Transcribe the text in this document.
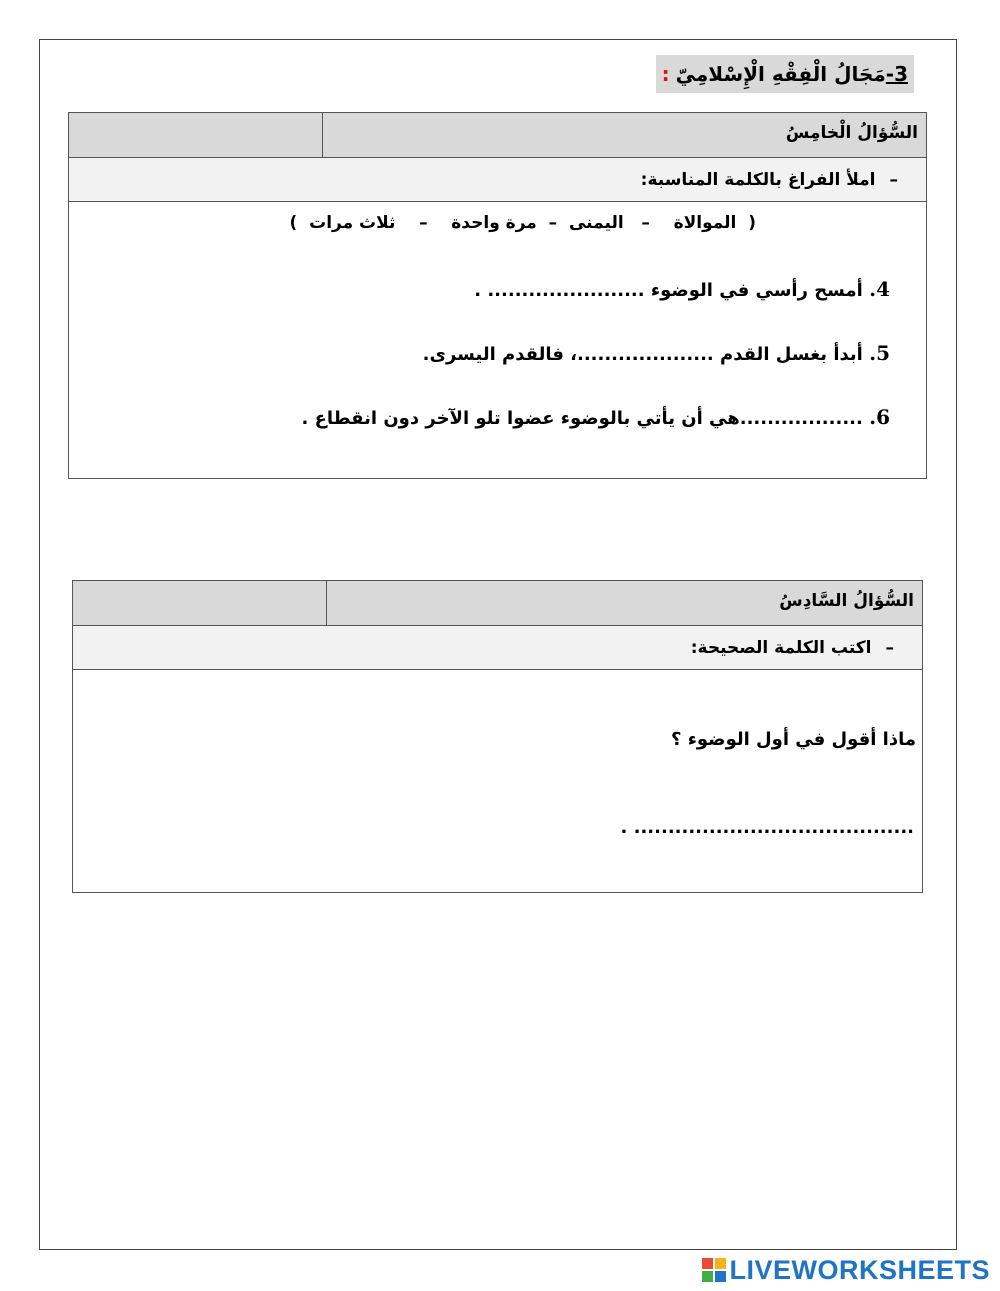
3-
مَجَالُ الْفِقْهِ الْإِسْلامِيّ
:
السُّؤالُ الْخامِسُ
–
املأ الفراغ بالكلمة المناسبة:
(  الموالاة    –   اليمنى  –  مرة واحدة    –    ثلاث مرات  )
4. أمسح رأسي في الوضوء ....................... .
5. أبدأ بغسل القدم ....................، فالقدم اليسرى.
6. ..................هي أن يأتي بالوضوء عضوا تلو الآخر دون انقطاع .
السُّؤالُ السَّادِسُ
–
اكتب الكلمة الصحيحة:
ماذا أقول في أول الوضوء ؟
......................................... .
LIVEWORKSHEETS
